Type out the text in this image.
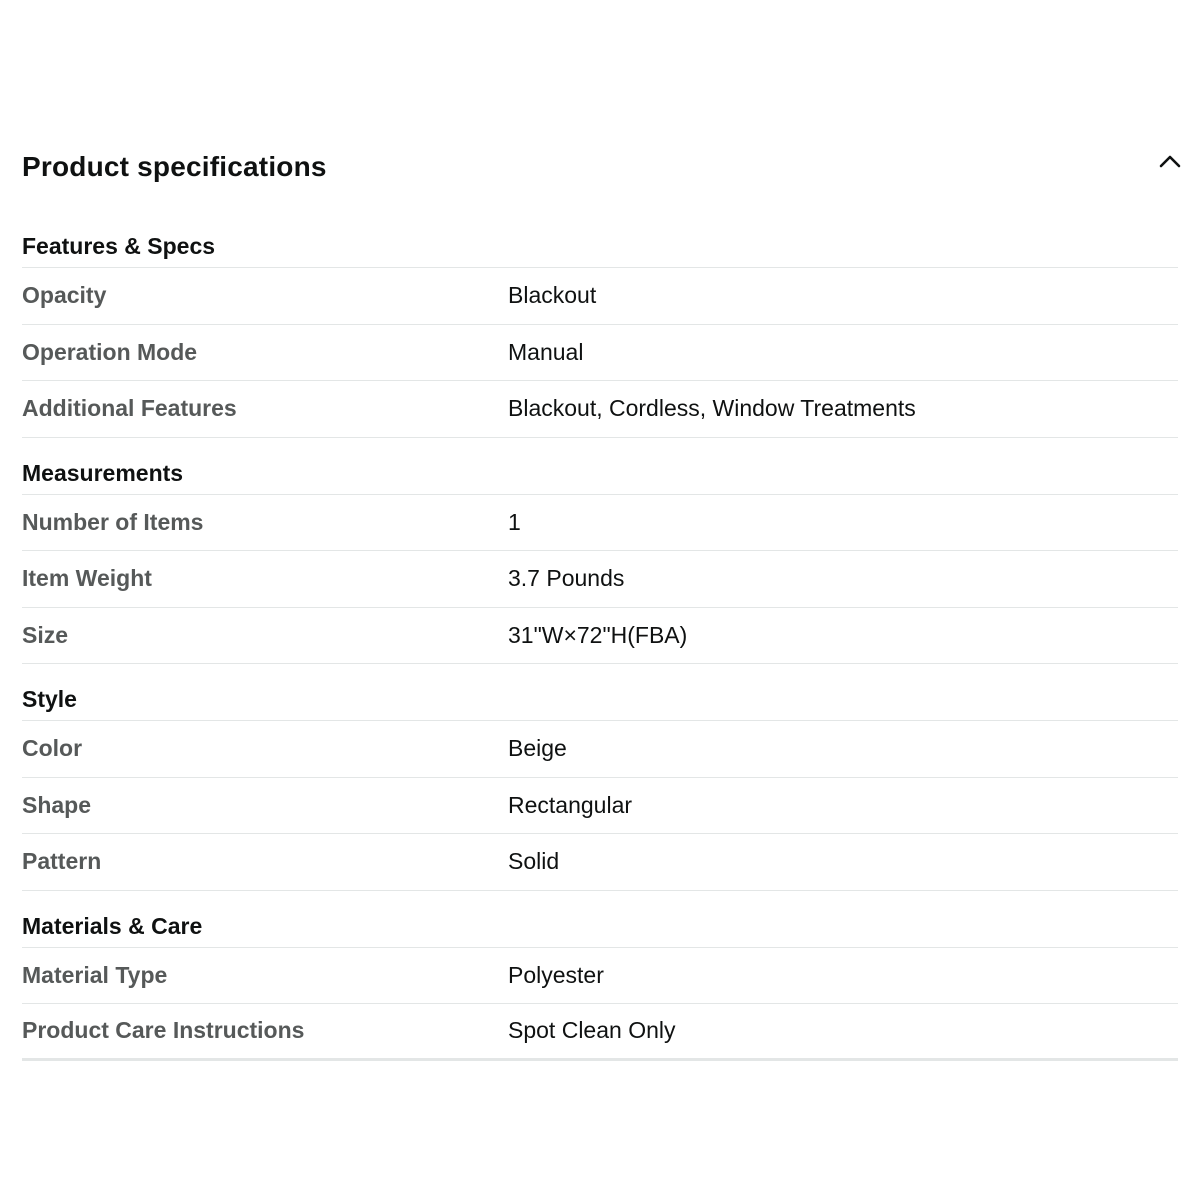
Product specifications
Features & Specs
Opacity	Blackout
Operation Mode	Manual
Additional Features	Blackout, Cordless, Window Treatments
Measurements
Number of Items	1
Item Weight	3.7 Pounds
Size	31"W×72"H(FBA)
Style
Color	Beige
Shape	Rectangular
Pattern	Solid
Materials & Care
Material Type	Polyester
Product Care Instructions	Spot Clean Only
